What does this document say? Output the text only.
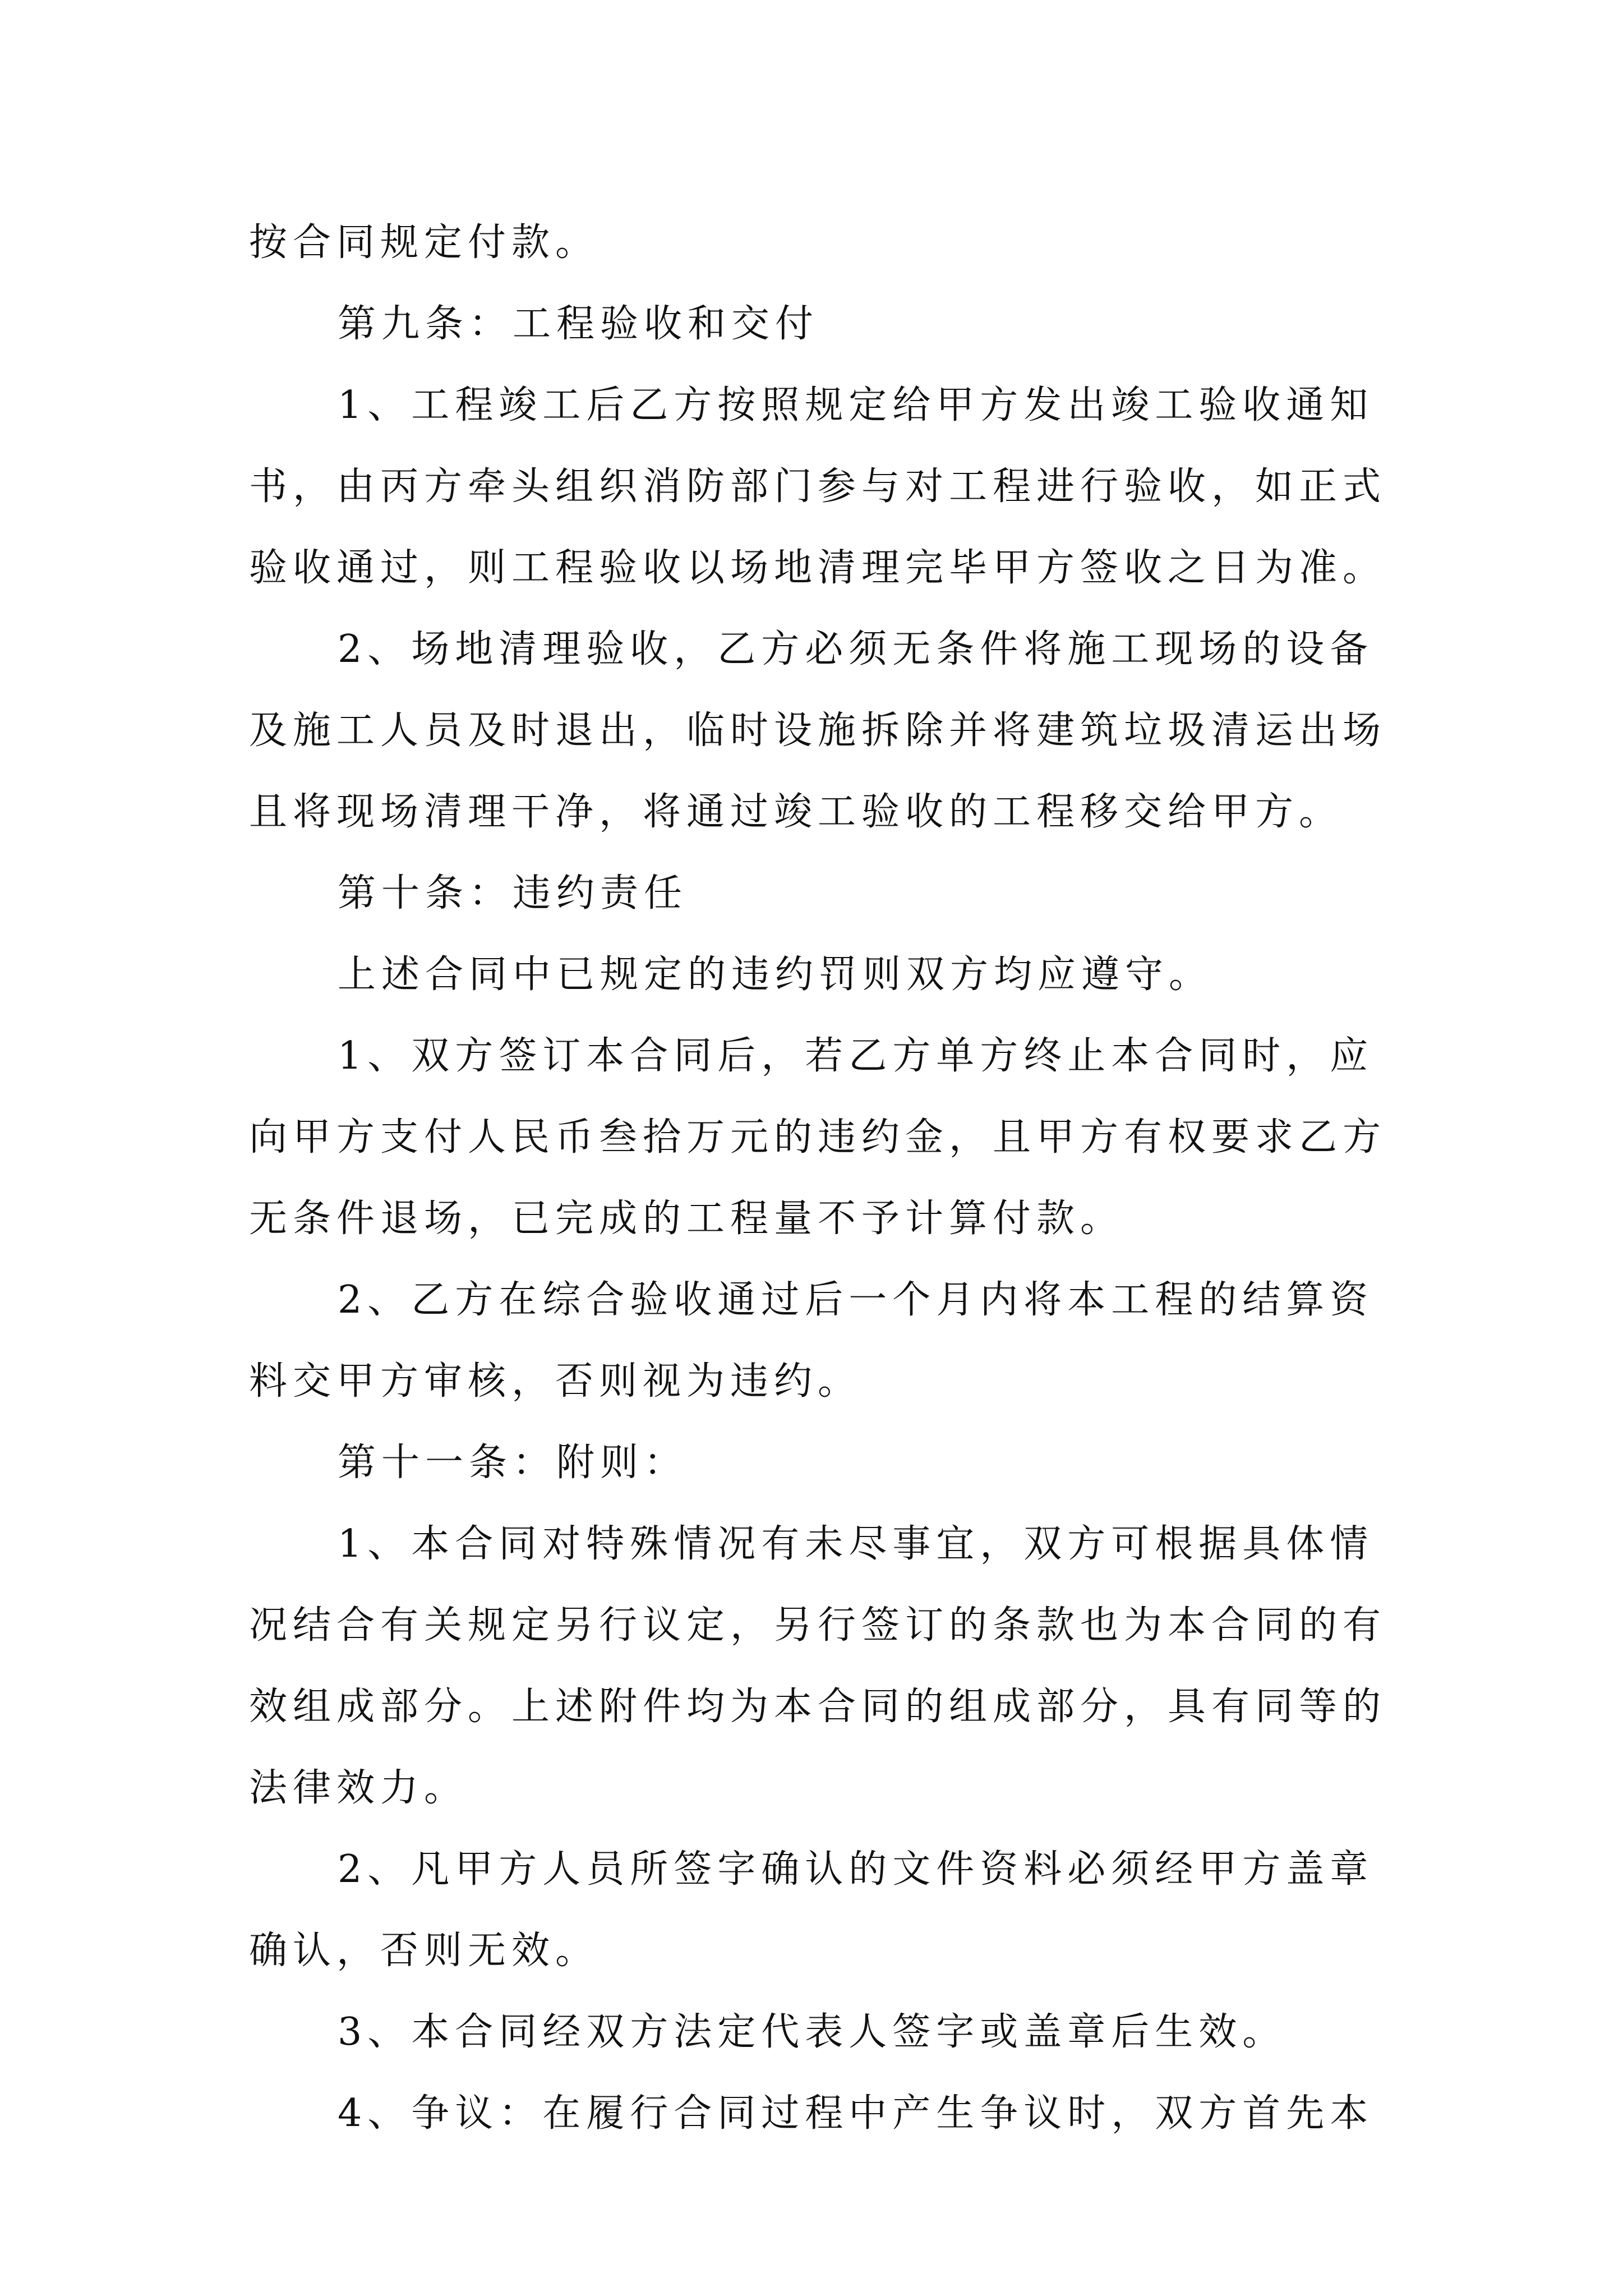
按合同规定付款。
第九条：工程验收和交付
1、工程竣工后乙方按照规定给甲方发出竣工验收通知
书，由丙方牵头组织消防部门参与对工程进行验收，如正式
验收通过，则工程验收以场地清理完毕甲方签收之日为准。
2、场地清理验收，乙方必须无条件将施工现场的设备
及施工人员及时退出，临时设施拆除并将建筑垃圾清运出场
且将现场清理干净，将通过竣工验收的工程移交给甲方。
第十条：违约责任
上述合同中已规定的违约罚则双方均应遵守。
1、双方签订本合同后，若乙方单方终止本合同时，应
向甲方支付人民币叁拾万元的违约金，且甲方有权要求乙方
无条件退场，已完成的工程量不予计算付款。
2、乙方在综合验收通过后一个月内将本工程的结算资
料交甲方审核，否则视为违约。
第十一条：附则：
1、本合同对特殊情况有未尽事宜，双方可根据具体情
况结合有关规定另行议定，另行签订的条款也为本合同的有
效组成部分。上述附件均为本合同的组成部分，具有同等的
法律效力。
2、凡甲方人员所签字确认的文件资料必须经甲方盖章
确认，否则无效。
3、本合同经双方法定代表人签字或盖章后生效。
4、争议：在履行合同过程中产生争议时，双方首先本
